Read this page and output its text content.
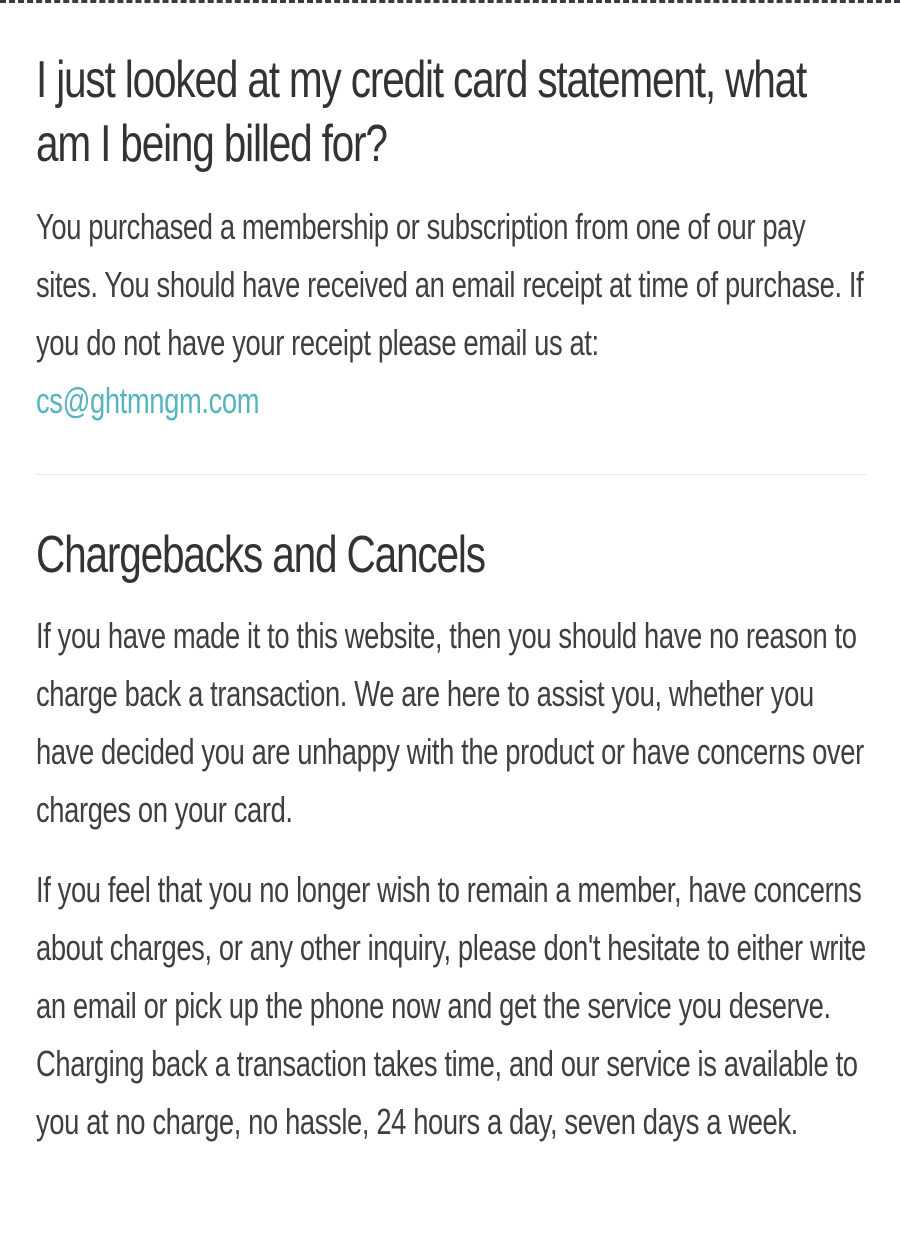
I just looked at my credit card statement, what am I being billed for?

You purchased a membership or subscription from one of our pay sites. You should have received an email receipt at time of purchase. If you do not have your receipt please email us at:
cs@ghtmngm.com

Chargebacks and Cancels

If you have made it to this website, then you should have no reason to charge back a transaction. We are here to assist you, whether you have decided you are unhappy with the product or have concerns over charges on your card.

If you feel that you no longer wish to remain a member, have concerns about charges, or any other inquiry, please don't hesitate to either write an email or pick up the phone now and get the service you deserve. Charging back a transaction takes time, and our service is available to you at no charge, no hassle, 24 hours a day, seven days a week.
